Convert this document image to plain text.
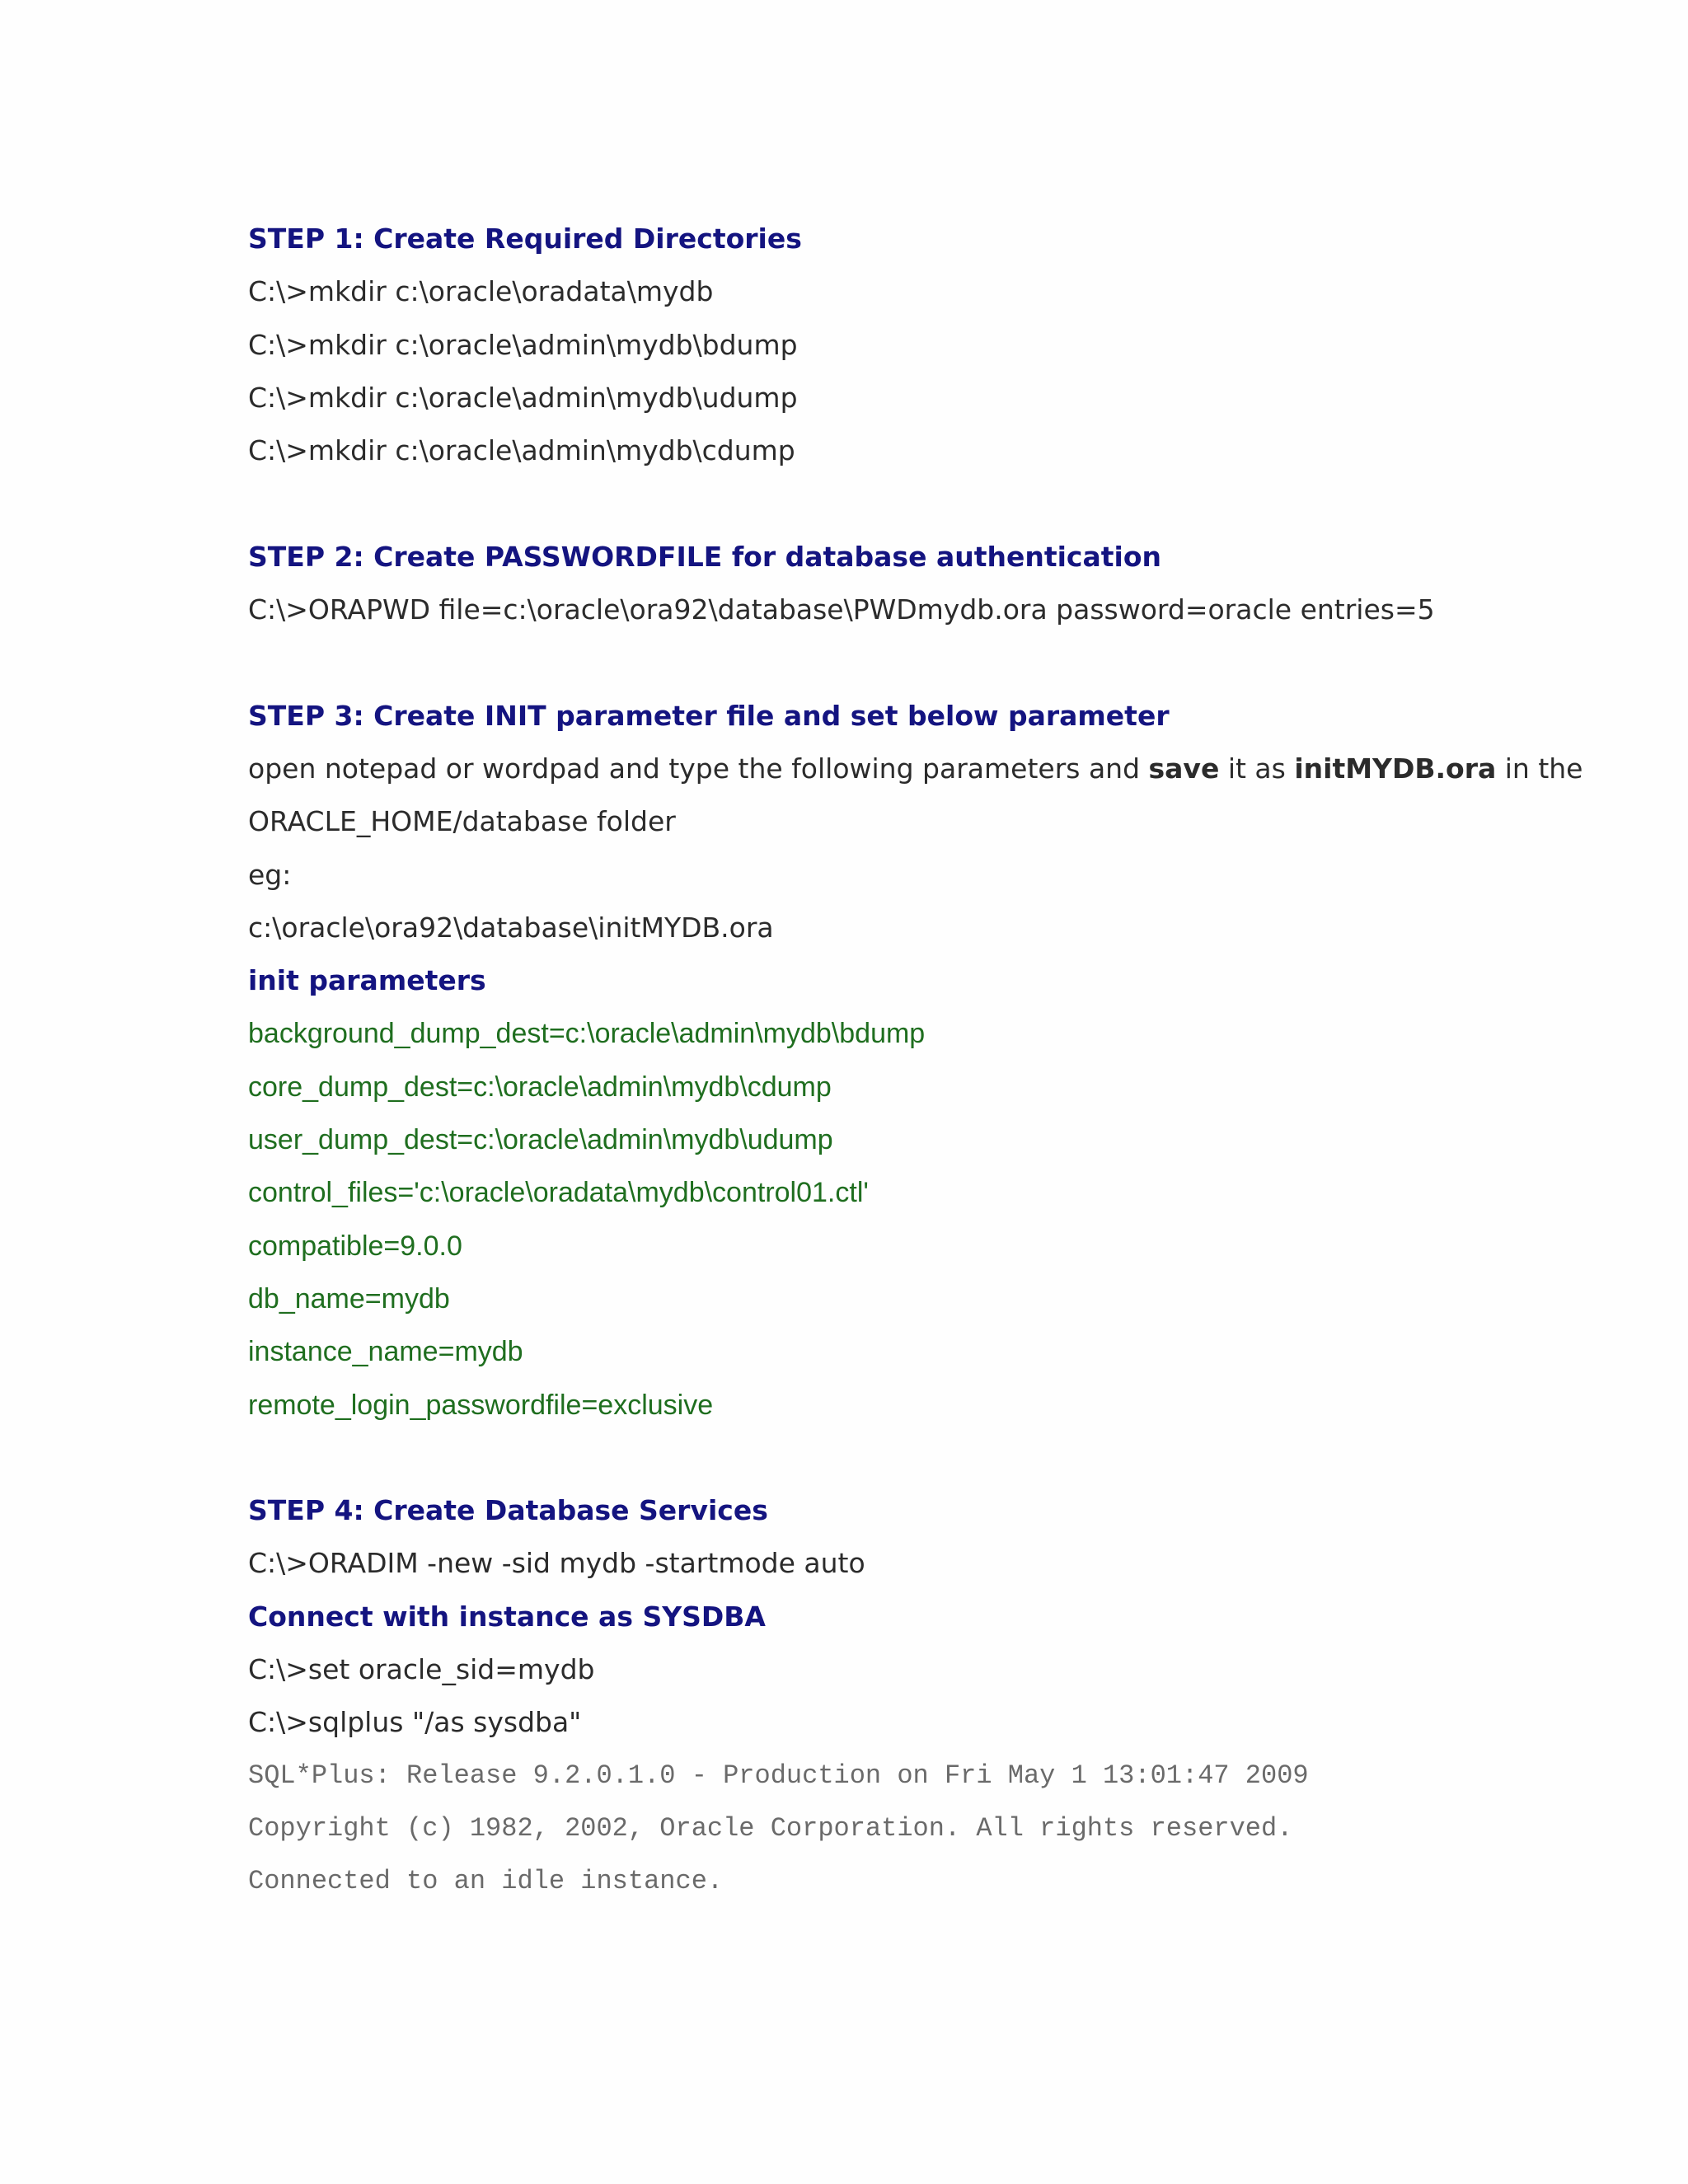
STEP 1: Create Required Directories
C:\>mkdir c:\oracle\oradata\mydb
C:\>mkdir c:\oracle\admin\mydb\bdump
C:\>mkdir c:\oracle\admin\mydb\udump
C:\>mkdir c:\oracle\admin\mydb\cdump
STEP 2: Create PASSWORDFILE for database authentication
C:\>ORAPWD file=c:\oracle\ora92\database\PWDmydb.ora password=oracle entries=5
STEP 3: Create INIT parameter file and set below parameter
open notepad or wordpad and type the following parameters and save it as initMYDB.ora in the
ORACLE_HOME/database folder
eg:
c:\oracle\ora92\database\initMYDB.ora
init parameters
background_dump_dest=c:\oracle\admin\mydb\bdump
core_dump_dest=c:\oracle\admin\mydb\cdump
user_dump_dest=c:\oracle\admin\mydb\udump
control_files='c:\oracle\oradata\mydb\control01.ctl'
compatible=9.0.0
db_name=mydb
instance_name=mydb
remote_login_passwordfile=exclusive
STEP 4: Create Database Services
C:\>ORADIM -new -sid mydb -startmode auto
Connect with instance as SYSDBA
C:\>set oracle_sid=mydb
C:\>sqlplus "/as sysdba"
SQL*Plus: Release 9.2.0.1.0 - Production on Fri May 1 13:01:47 2009
Copyright (c) 1982, 2002, Oracle Corporation. All rights reserved.
Connected to an idle instance.
